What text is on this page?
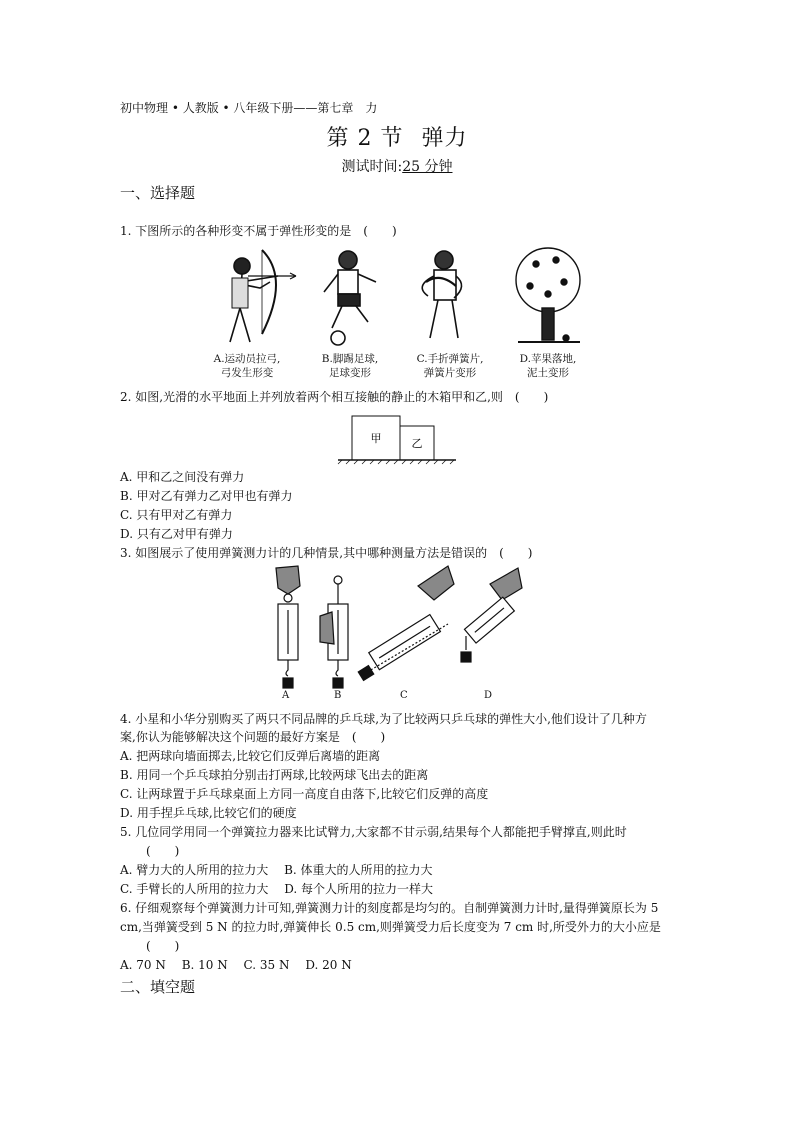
初中物理 • 人教版 • 八年级下册——第七章　力
第 2 节 弹力
测试时间:25 分钟
一、选择题
1. 下图所示的各种形变不属于弹性形变的是　(　　)
A.运动员拉弓,
弓发生形变
B.脚踢足球,
足球变形
C.手折弹簧片,
弹簧片变形
D.苹果落地,
泥土变形
2. 如图,光滑的水平地面上并列放着两个相互接触的静止的木箱甲和乙,则　(　　)
甲	乙
A. 甲和乙之间没有弹力
B. 甲对乙有弹力乙对甲也有弹力
C. 只有甲对乙有弹力
D. 只有乙对甲有弹力
3. 如图展示了使用弹簧测力计的几种情景,其中哪种测量方法是错误的　(　　)
A	B	C	D
4. 小星和小华分别购买了两只不同品牌的乒乓球,为了比较两只乒乓球的弹性大小,他们设计了几种方
案,你认为能够解决这个问题的最好方案是　(　　)
A. 把两球向墙面掷去,比较它们反弹后离墙的距离
B. 用同一个乒乓球拍分别击打两球,比较两球飞出去的距离
C. 让两球置于乒乓球桌面上方同一高度自由落下,比较它们反弹的高度
D. 用手捏乒乓球,比较它们的硬度
5. 几位同学用同一个弹簧拉力器来比试臂力,大家都不甘示弱,结果每个人都能把手臂撑直,则此时
(　　)
A. 臂力大的人所用的拉力大　 B. 体重大的人所用的拉力大
C. 手臂长的人所用的拉力大　 D. 每个人所用的拉力一样大
6. 仔细观察每个弹簧测力计可知,弹簧测力计的刻度都是均匀的。自制弹簧测力计时,量得弹簧原长为 5
cm,当弹簧受到 5 N 的拉力时,弹簧伸长 0.5 cm,则弹簧受力后长度变为 7 cm 时,所受外力的大小应是
(　　)
A. 70 N　 B. 10 N　 C. 35 N　 D. 20 N
二、填空题
